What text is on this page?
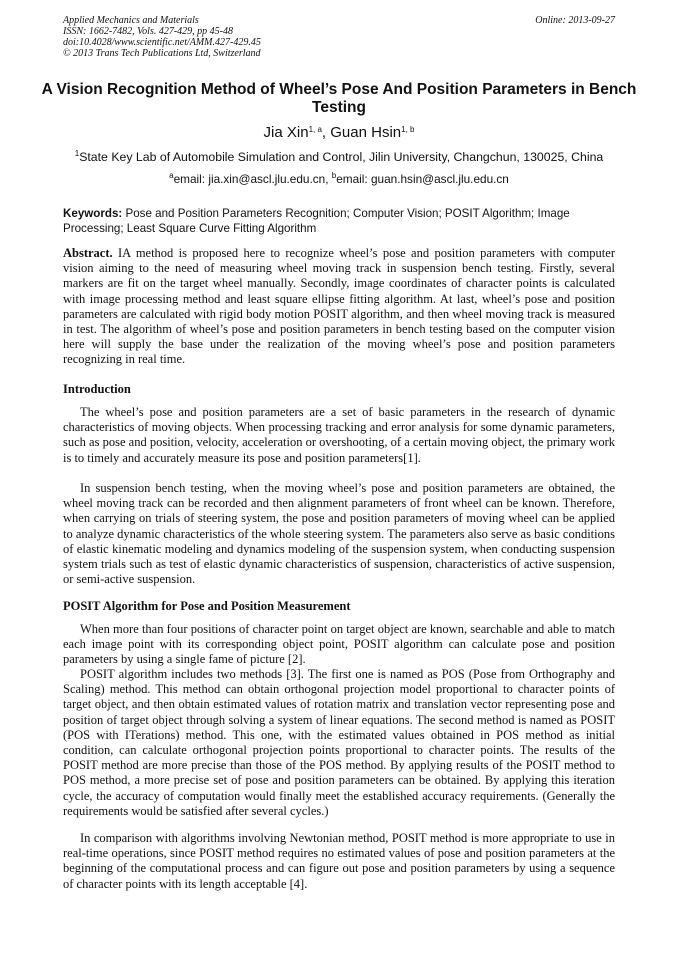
Applied Mechanics and Materials
ISSN: 1662-7482, Vols. 427-429, pp 45-48
doi:10.4028/www.scientific.net/AMM.427-429.45
© 2013 Trans Tech Publications Ltd, Switzerland
Online: 2013-09-27
A Vision Recognition Method of Wheel’s Pose And Position Parameters in Bench Testing
Jia Xin$^{1, a}$, Guan Hsin$^{1, b}$
$^1$State Key Lab of Automobile Simulation and Control, Jilin University, Changchun, 130025, China
$^a$email: jia.xin@ascl.jlu.edu.cn, $^b$email: guan.hsin@ascl.jlu.edu.cn
Keywords: Pose and Position Parameters Recognition; Computer Vision; POSIT Algorithm; Image Processing; Least Square Curve Fitting Algorithm

Abstract. IA method is proposed here to recognize wheel’s pose and position parameters with computer vision aiming to the need of measuring wheel moving track in suspension bench testing. Firstly, several markers are fit on the target wheel manually. Secondly, image coordinates of character points is calculated with image processing method and least square ellipse fitting algorithm. At last, wheel’s pose and position parameters are calculated with rigid body motion POSIT algorithm, and then wheel moving track is measured in test. The algorithm of wheel’s pose and position parameters in bench testing based on the computer vision here will supply the base under the realization of the moving wheel’s pose and position parameters recognizing in real time.

Introduction

The wheel’s pose and position parameters are a set of basic parameters in the research of dynamic characteristics of moving objects. When processing tracking and error analysis for some dynamic parameters, such as pose and position, velocity, acceleration or overshooting, of a certain moving object, the primary work is to timely and accurately measure its pose and position parameters[1].

In suspension bench testing, when the moving wheel’s pose and position parameters are obtained, the wheel moving track can be recorded and then alignment parameters of front wheel can be known. Therefore, when carrying on trials of steering system, the pose and position parameters of moving wheel can be applied to analyze dynamic characteristics of the whole steering system. The parameters also serve as basic conditions of elastic kinematic modeling and dynamics modeling of the suspension system, when conducting suspension system trials such as test of elastic dynamic characteristics of suspension, characteristics of active suspension, or semi-active suspension.

POSIT Algorithm for Pose and Position Measurement

When more than four positions of character point on target object are known, searchable and able to match each image point with its corresponding object point, POSIT algorithm can calculate pose and position parameters by using a single fame of picture [2].

POSIT algorithm includes two methods [3]. The first one is named as POS (Pose from Orthography and Scaling) method. This method can obtain orthogonal projection model proportional to character points of target object, and then obtain estimated values of rotation matrix and translation vector representing pose and position of target object through solving a system of linear equations. The second method is named as POSIT (POS with ITerations) method. This one, with the estimated values obtained in POS method as initial condition, can calculate orthogonal projection points proportional to character points. The results of the POSIT method are more precise than those of the POS method. By applying results of the POSIT method to POS method, a more precise set of pose and position parameters can be obtained. By applying this iteration cycle, the accuracy of computation would finally meet the established accuracy requirements. (Generally the requirements would be satisfied after several cycles.)

In comparison with algorithms involving Newtonian method, POSIT method is more appropriate to use in real-time operations, since POSIT method requires no estimated values of pose and position parameters at the beginning of the computational process and can figure out pose and position parameters by using a sequence of character points with its length acceptable [4].
